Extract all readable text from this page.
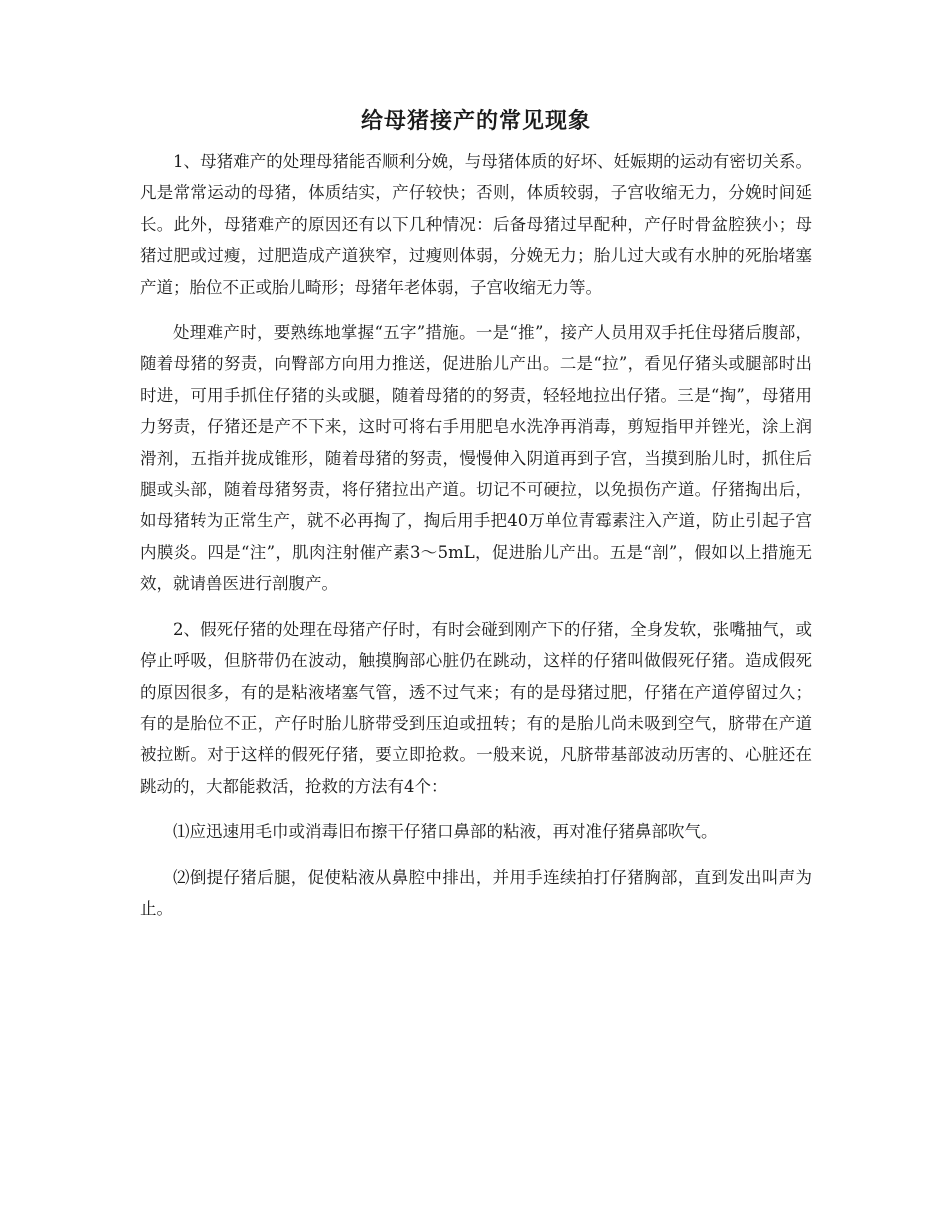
给母猪接产的常见现象

1、母猪难产的处理母猪能否顺利分娩，与母猪体质的好坏、妊娠期的运动有密切关系。凡是常常运动的母猪，体质结实，产仔较快；否则，体质较弱，子宫收缩无力，分娩时间延长。此外，母猪难产的原因还有以下几种情况：后备母猪过早配种，产仔时骨盆腔狭小；母猪过肥或过瘦，过肥造成产道狭窄，过瘦则体弱，分娩无力；胎儿过大或有水肿的死胎堵塞产道；胎位不正或胎儿畸形；母猪年老体弱，子宫收缩无力等。

处理难产时，要熟练地掌握“五字”措施。一是“推”，接产人员用双手托住母猪后腹部，随着母猪的努责，向臀部方向用力推送，促进胎儿产出。二是“拉”，看见仔猪头或腿部时出时进，可用手抓住仔猪的头或腿，随着母猪的的努责，轻轻地拉出仔猪。三是“掏”，母猪用力努责，仔猪还是产不下来，这时可将右手用肥皂水洗净再消毒，剪短指甲并锉光，涂上润滑剂，五指并拢成锥形，随着母猪的努责，慢慢伸入阴道再到子宫，当摸到胎儿时，抓住后腿或头部，随着母猪努责，将仔猪拉出产道。切记不可硬拉，以免损伤产道。仔猪掏出后，如母猪转为正常生产，就不必再掏了，掏后用手把40万单位青霉素注入产道，防止引起子宫内膜炎。四是“注”，肌肉注射催产素3～5mL，促进胎儿产出。五是“剖”，假如以上措施无效，就请兽医进行剖腹产。

2、假死仔猪的处理在母猪产仔时，有时会碰到刚产下的仔猪，全身发软，张嘴抽气，或停止呼吸，但脐带仍在波动，触摸胸部心脏仍在跳动，这样的仔猪叫做假死仔猪。造成假死的原因很多，有的是粘液堵塞气管，透不过气来；有的是母猪过肥，仔猪在产道停留过久；有的是胎位不正，产仔时胎儿脐带受到压迫或扭转；有的是胎儿尚未吸到空气，脐带在产道被拉断。对于这样的假死仔猪，要立即抢救。一般来说，凡脐带基部波动历害的、心脏还在跳动的，大都能救活，抢救的方法有4个：

⑴应迅速用毛巾或消毒旧布擦干仔猪口鼻部的粘液，再对准仔猪鼻部吹气。

⑵倒提仔猪后腿，促使粘液从鼻腔中排出，并用手连续拍打仔猪胸部，直到发出叫声为止。
